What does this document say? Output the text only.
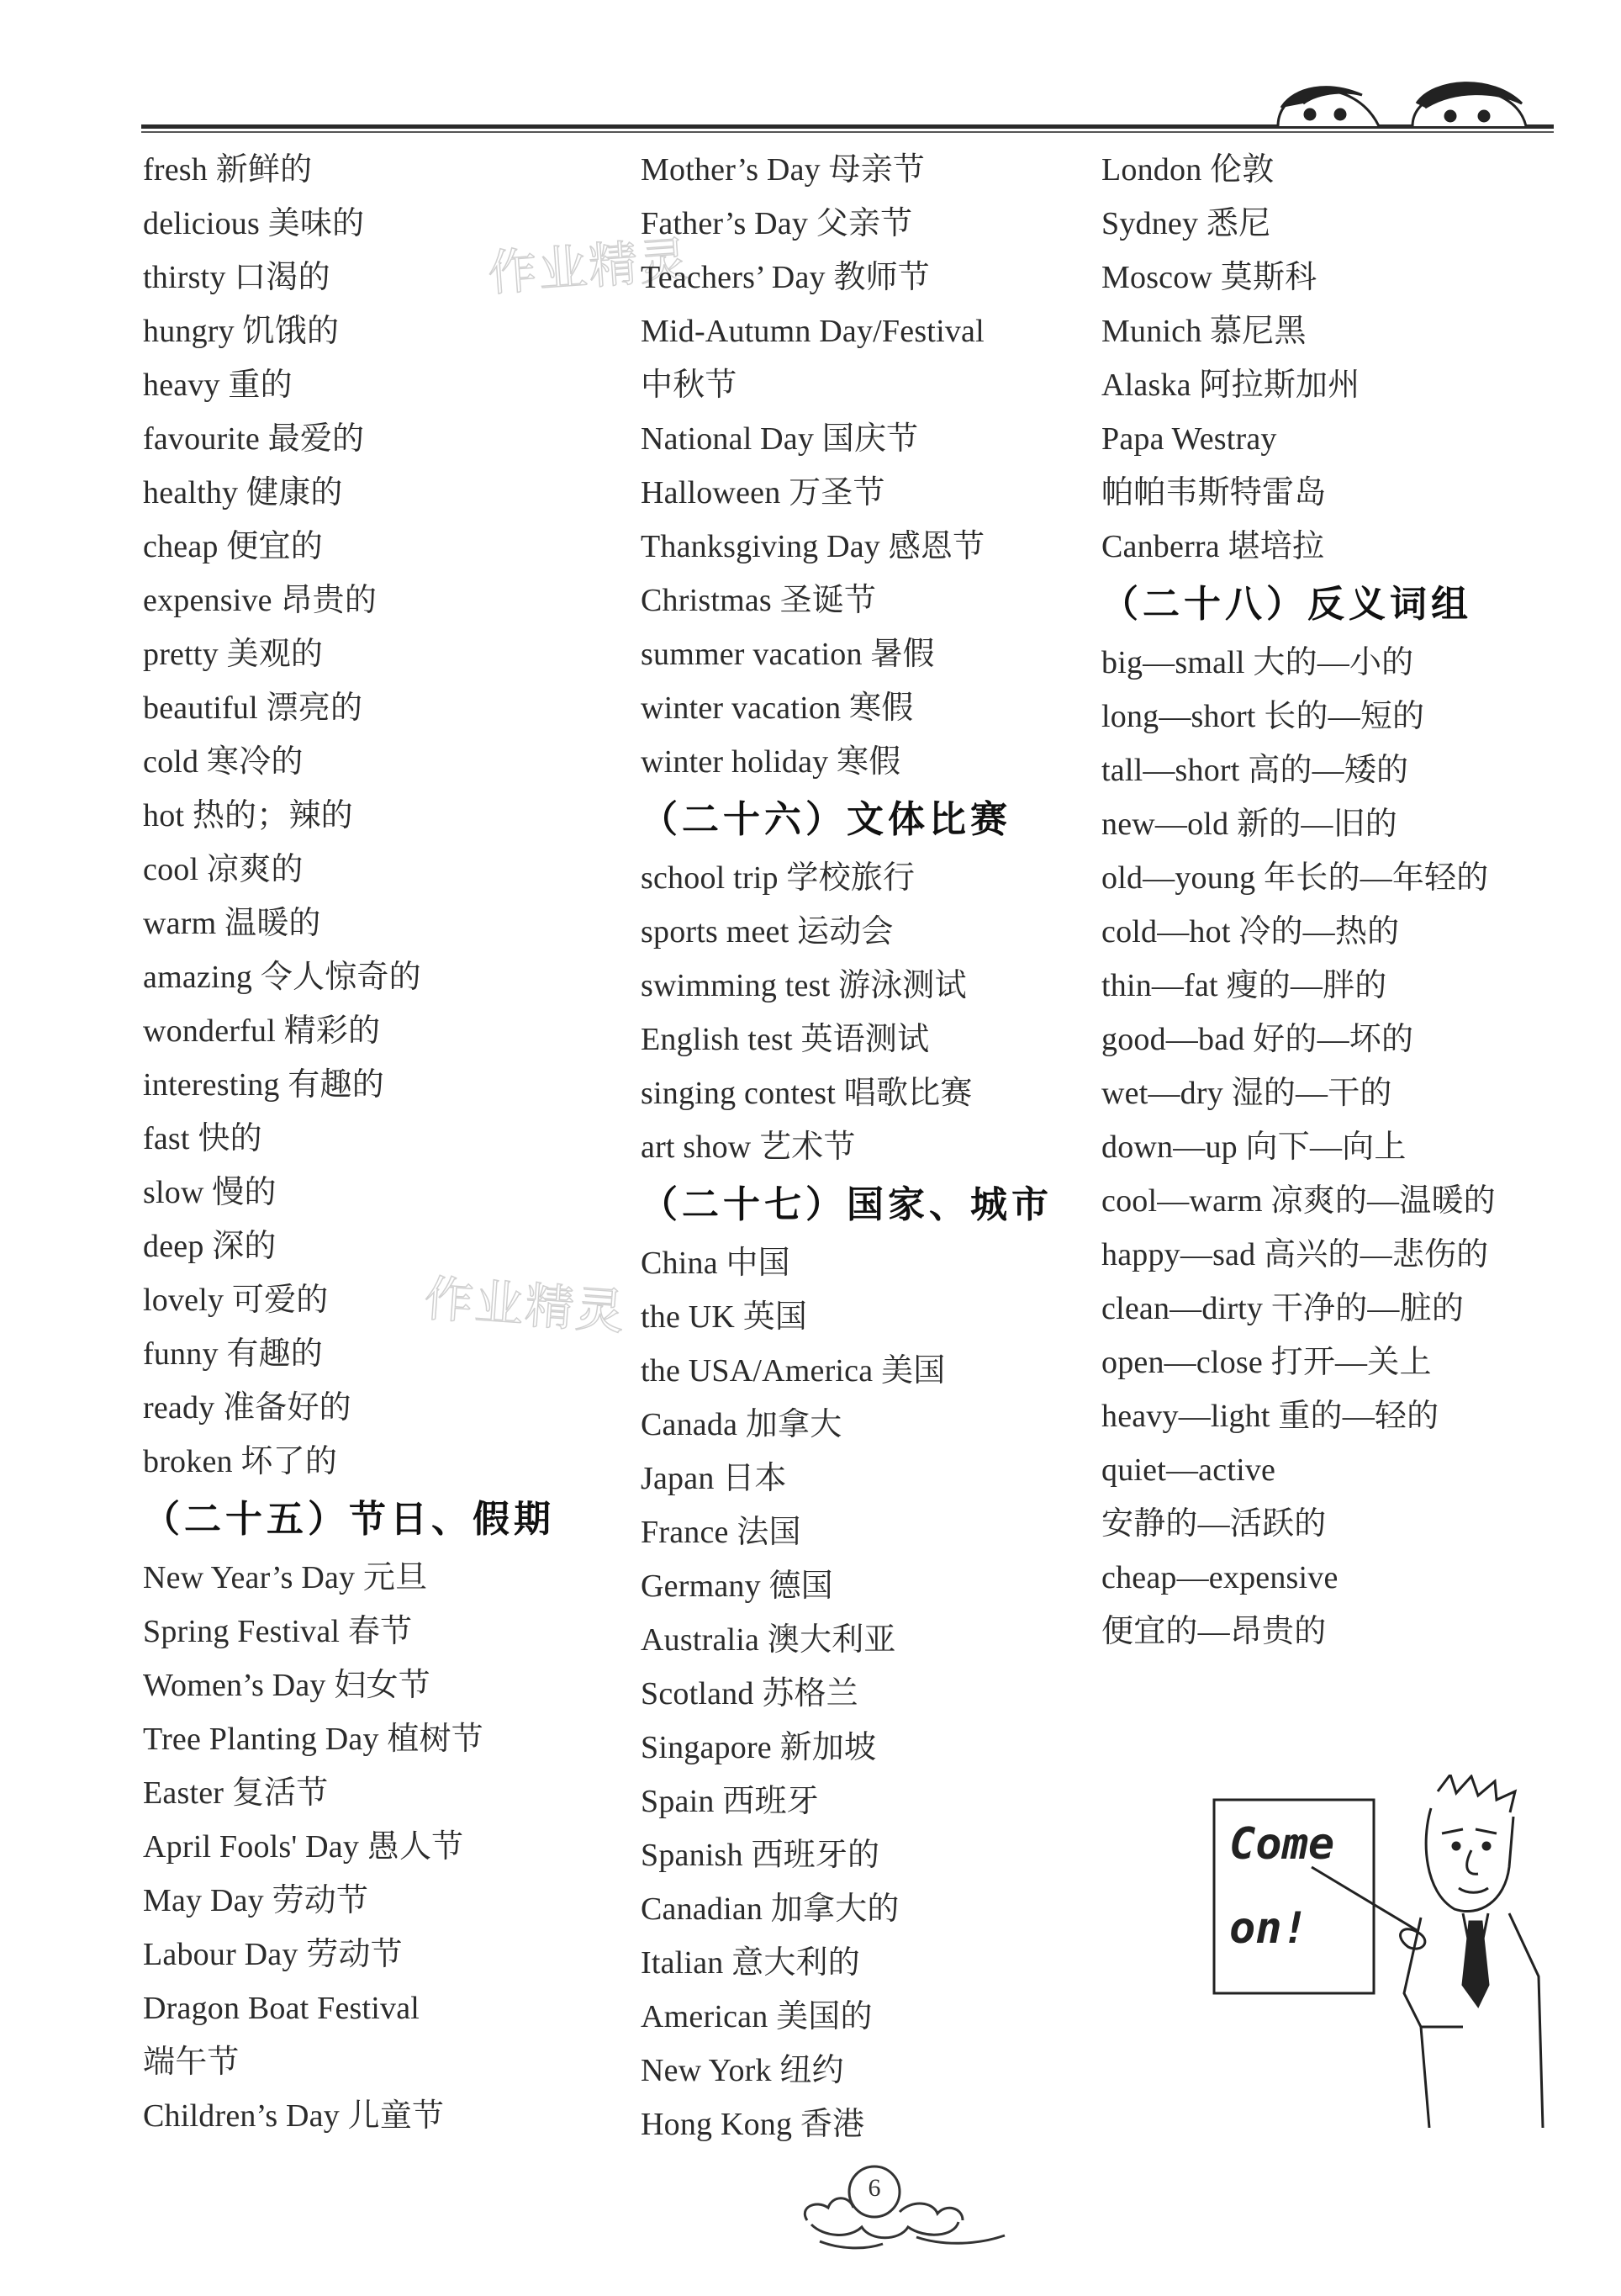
作业精灵
作业精灵
fresh 新鲜的
delicious 美味的
thirsty 口渴的
hungry 饥饿的
heavy 重的
favourite 最爱的
healthy 健康的
cheap 便宜的
expensive 昂贵的
pretty 美观的
beautiful 漂亮的
cold 寒冷的
hot 热的；辣的
cool 凉爽的
warm 温暖的
amazing 令人惊奇的
wonderful 精彩的
interesting 有趣的
fast 快的
slow 慢的
deep 深的
lovely 可爱的
funny 有趣的
ready 准备好的
broken 坏了的
（二十五）节日、假期
New Year’s Day 元旦
Spring Festival 春节
Women’s Day 妇女节
Tree Planting Day 植树节
Easter 复活节
April Fools' Day 愚人节
May Day 劳动节
Labour Day 劳动节
Dragon Boat Festival
端午节
Children’s Day 儿童节
Mother’s Day 母亲节
Father’s Day 父亲节
Teachers’ Day 教师节
Mid-Autumn Day/Festival
中秋节
National Day 国庆节
Halloween 万圣节
Thanksgiving Day 感恩节
Christmas 圣诞节
summer vacation 暑假
winter vacation 寒假
winter holiday 寒假
（二十六）文体比赛
school trip 学校旅行
sports meet 运动会
swimming test 游泳测试
English test 英语测试
singing contest 唱歌比赛
art show 艺术节
（二十七）国家、城市
China 中国
the UK 英国
the USA/America 美国
Canada 加拿大
Japan 日本
France 法国
Germany 德国
Australia 澳大利亚
Scotland 苏格兰
Singapore 新加坡
Spain 西班牙
Spanish 西班牙的
Canadian 加拿大的
Italian 意大利的
American 美国的
New York 纽约
Hong Kong 香港
London 伦敦
Sydney 悉尼
Moscow 莫斯科
Munich 慕尼黑
Alaska 阿拉斯加州
Papa Westray
帕帕韦斯特雷岛
Canberra 堪培拉
（二十八）反义词组
big—small 大的—小的
long—short 长的—短的
tall—short 高的—矮的
new—old 新的—旧的
old—young 年长的—年轻的
cold—hot 冷的—热的
thin—fat 瘦的—胖的
good—bad 好的—坏的
wet—dry 湿的—干的
down—up 向下—向上
cool—warm 凉爽的—温暖的
happy—sad 高兴的—悲伤的
clean—dirty 干净的—脏的
open—close 打开—关上
heavy—light 重的—轻的
quiet—active
安静的—活跃的
cheap—expensive
便宜的—昂贵的
Come
on!
6
